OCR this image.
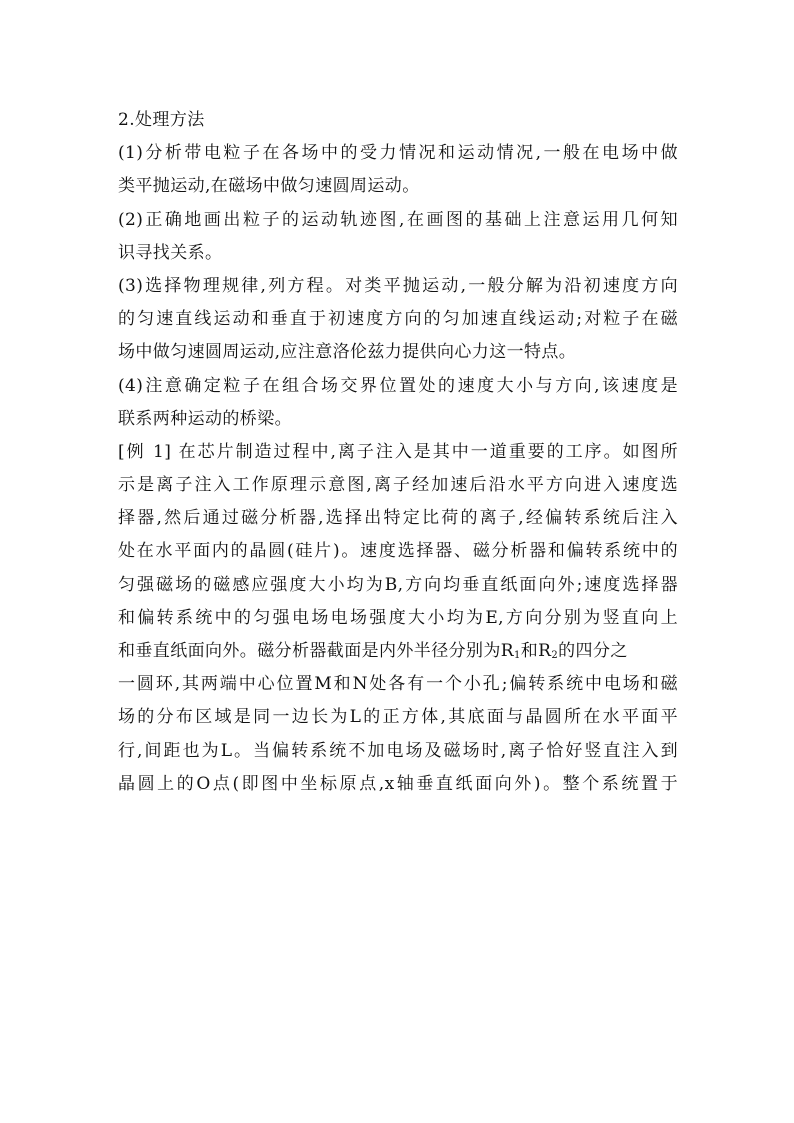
2.处理方法
(1)分析带电粒子在各场中的受力情况和运动情况,一般在电场中做
类平抛运动,在磁场中做匀速圆周运动。
(2)正确地画出粒子的运动轨迹图,在画图的基础上注意运用几何知
识寻找关系。
(3)选择物理规律,列方程。对类平抛运动,一般分解为沿初速度方向
的匀速直线运动和垂直于初速度方向的匀加速直线运动;对粒子在磁
场中做匀速圆周运动,应注意洛伦兹力提供向心力这一特点。
(4)注意确定粒子在组合场交界位置处的速度大小与方向,该速度是
联系两种运动的桥梁。
[例 1] 在芯片制造过程中,离子注入是其中一道重要的工序。如图所
示是离子注入工作原理示意图,离子经加速后沿水平方向进入速度选
择器,然后通过磁分析器,选择出特定比荷的离子,经偏转系统后注入
处在水平面内的晶圆(硅片)。速度选择器、磁分析器和偏转系统中的
匀强磁场的磁感应强度大小均为B,方向均垂直纸面向外;速度选择器
和偏转系统中的匀强电场电场强度大小均为E,方向分别为竖直向上
和垂直纸面向外。磁分析器截面是内外半径分别为$R_1$和$R_2$的四分之
一圆环,其两端中心位置M和N处各有一个小孔;偏转系统中电场和磁
场的分布区域是同一边长为L的正方体,其底面与晶圆所在水平面平
行,间距也为L。当偏转系统不加电场及磁场时,离子恰好竖直注入到
晶圆上的O点(即图中坐标原点,x轴垂直纸面向外)。整个系统置于
